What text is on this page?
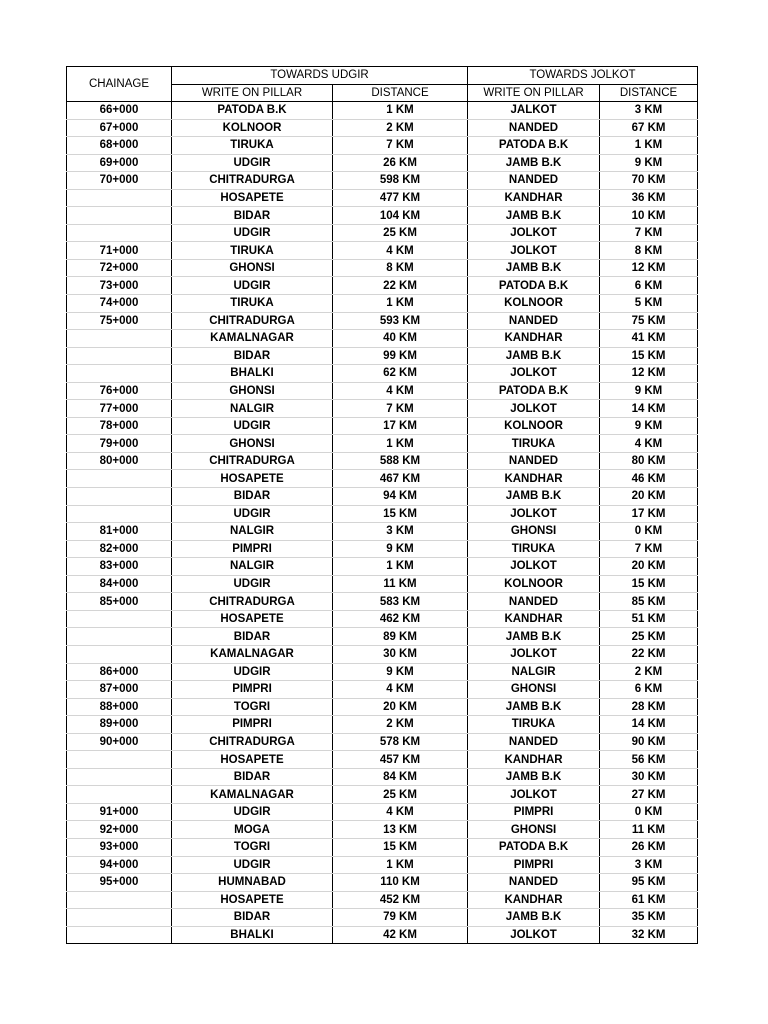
CHAINAGE	TOWARDS UDGIR		TOWARDS JOLKOT	
	WRITE ON PILLAR	DISTANCE	WRITE ON PILLAR	DISTANCE
66+000	PATODA B.K	1 KM	JALKOT	3 KM
67+000	KOLNOOR	2 KM	NANDED	67 KM
68+000	TIRUKA	7 KM	PATODA B.K	1 KM
69+000	UDGIR	26 KM	JAMB B.K	9 KM
70+000	CHITRADURGA	598 KM	NANDED	70 KM
	HOSAPETE	477 KM	KANDHAR	36 KM
	BIDAR	104 KM	JAMB B.K	10 KM
	UDGIR	25 KM	JOLKOT	7 KM
71+000	TIRUKA	4 KM	JOLKOT	8 KM
72+000	GHONSI	8 KM	JAMB B.K	12 KM
73+000	UDGIR	22 KM	PATODA B.K	6 KM
74+000	TIRUKA	1 KM	KOLNOOR	5 KM
75+000	CHITRADURGA	593 KM	NANDED	75 KM
	KAMALNAGAR	40 KM	KANDHAR	41 KM
	BIDAR	99 KM	JAMB B.K	15 KM
	BHALKI	62 KM	JOLKOT	12 KM
76+000	GHONSI	4 KM	PATODA B.K	9 KM
77+000	NALGIR	7 KM	JOLKOT	14 KM
78+000	UDGIR	17 KM	KOLNOOR	9 KM
79+000	GHONSI	1 KM	TIRUKA	4 KM
80+000	CHITRADURGA	588 KM	NANDED	80 KM
	HOSAPETE	467 KM	KANDHAR	46 KM
	BIDAR	94 KM	JAMB B.K	20 KM
	UDGIR	15 KM	JOLKOT	17 KM
81+000	NALGIR	3 KM	GHONSI	0 KM
82+000	PIMPRI	9 KM	TIRUKA	7 KM
83+000	NALGIR	1 KM	JOLKOT	20 KM
84+000	UDGIR	11 KM	KOLNOOR	15 KM
85+000	CHITRADURGA	583 KM	NANDED	85 KM
	HOSAPETE	462 KM	KANDHAR	51 KM
	BIDAR	89 KM	JAMB B.K	25 KM
	KAMALNAGAR	30 KM	JOLKOT	22 KM
86+000	UDGIR	9 KM	NALGIR	2 KM
87+000	PIMPRI	4 KM	GHONSI	6 KM
88+000	TOGRI	20 KM	JAMB B.K	28 KM
89+000	PIMPRI	2 KM	TIRUKA	14 KM
90+000	CHITRADURGA	578 KM	NANDED	90 KM
	HOSAPETE	457 KM	KANDHAR	56 KM
	BIDAR	84 KM	JAMB B.K	30 KM
	KAMALNAGAR	25 KM	JOLKOT	27 KM
91+000	UDGIR	4 KM	PIMPRI	0 KM
92+000	MOGA	13 KM	GHONSI	11 KM
93+000	TOGRI	15 KM	PATODA B.K	26 KM
94+000	UDGIR	1 KM	PIMPRI	3 KM
95+000	HUMNABAD	110 KM	NANDED	95 KM
	HOSAPETE	452 KM	KANDHAR	61 KM
	BIDAR	79 KM	JAMB B.K	35 KM
	BHALKI	42 KM	JOLKOT	32 KM
